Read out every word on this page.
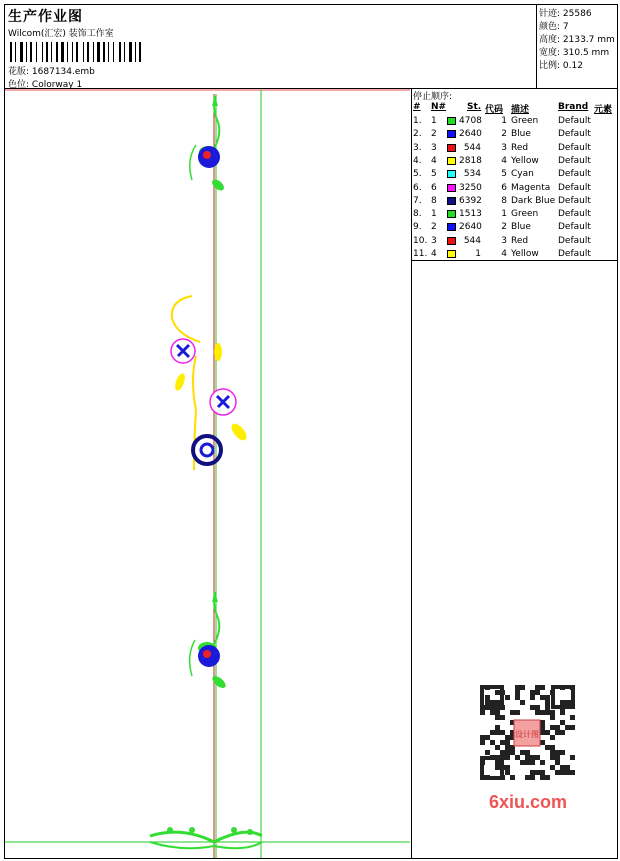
生产作业图
Wilcom(汇宏) 装饰工作室
花版: 1687134.emb
色位: Colorway 1
针迹: 25586
颜色: 7
高度: 2133.7 mm
宽度: 310.5 mm
比例: 0.12
停止顺序:
# N# St. 代码 描述	Brand 元素
1. 1 4708	1 Green Default
2. 2 2640	2 Blue	Default
3. 3	544	3 Red	Default
4. 4 2818	4 Yellow Default
5. 5	534	5 Cyan	Default
6. 6 3250	6 Magenta Default
7. 8 6392	8 Dark Blue Default
8. 1 1513	1 Green Default
9. 2 2640	2 Blue	Default
10. 3	544	3 Red	Default
11. 4	1	4 Yellow Default
设计图
6xiu.com
